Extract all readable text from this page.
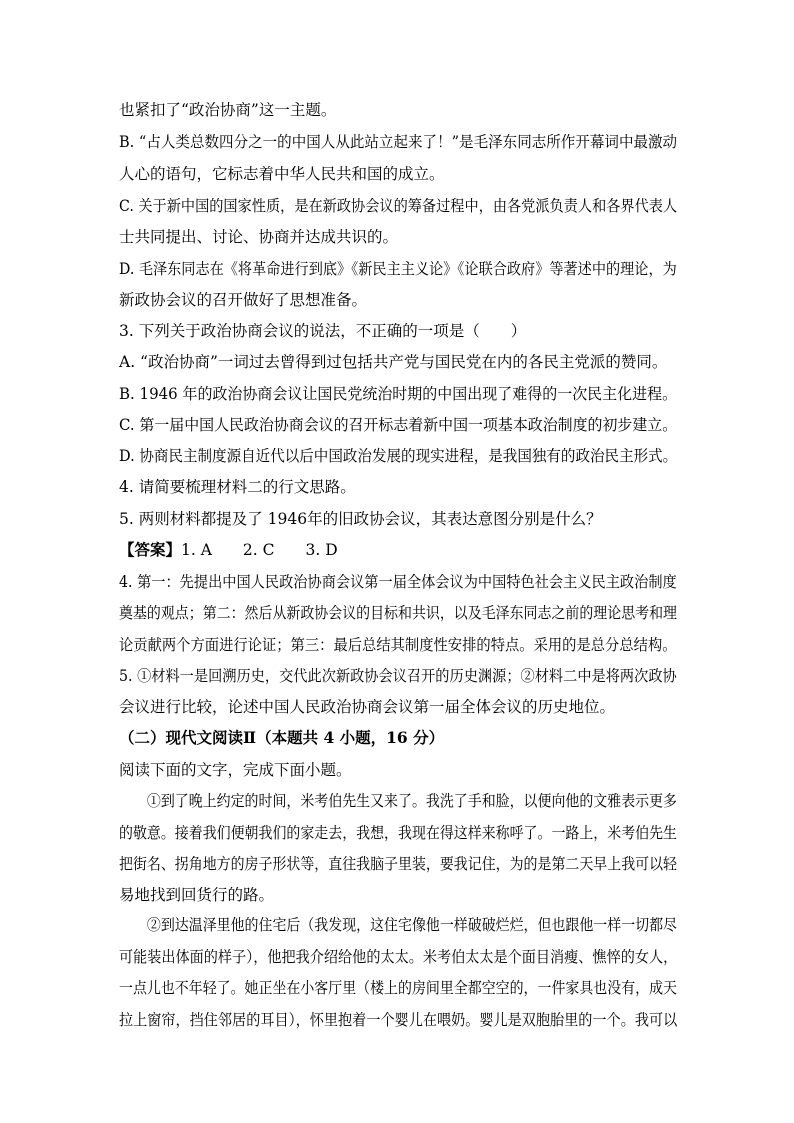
也紧扣了“政治协商”这一主题。
B. “占人类总数四分之一的中国人从此站立起来了！”是毛泽东同志所作开幕词中最激动
人心的语句，它标志着中华人民共和国的成立。
C. 关于新中国的国家性质，是在新政协会议的筹备过程中，由各党派负责人和各界代表人
士共同提出、讨论、协商并达成共识的。
D. 毛泽东同志在《将革命进行到底》《新民主主义论》《论联合政府》等著述中的理论，为
新政协会议的召开做好了思想准备。
3. 下列关于政治协商会议的说法，不正确的一项是（　　）
A. “政治协商”一词过去曾得到过包括共产党与国民党在内的各民主党派的赞同。
B. 1946 年的政治协商会议让国民党统治时期的中国出现了难得的一次民主化进程。
C. 第一届中国人民政治协商会议的召开标志着新中国一项基本政治制度的初步建立。
D. 协商民主制度源自近代以后中国政治发展的现实进程，是我国独有的政治民主形式。
4. 请简要梳理材料二的行文思路。
5. 两则材料都提及了 1946年的旧政协会议，其表达意图分别是什么？
【答案】1. A　　2. C　　3. D
4. 第一：先提出中国人民政治协商会议第一届全体会议为中国特色社会主义民主政治制度
奠基的观点；第二：然后从新政协会议的目标和共识，以及毛泽东同志之前的理论思考和理
论贡献两个方面进行论证；第三：最后总结其制度性安排的特点。采用的是总分总结构。
5. ①材料一是回溯历史，交代此次新政协会议召开的历史渊源；②材料二中是将两次政协
会议进行比较，论述中国人民政治协商会议第一届全体会议的历史地位。
（二）现代文阅读Ⅱ（本题共 4 小题，16 分）
阅读下面的文字，完成下面小题。
　　①到了晚上约定的时间，米考伯先生又来了。我洗了手和脸，以便向他的文雅表示更多
的敬意。接着我们便朝我们的家走去，我想，我现在得这样来称呼了。一路上，米考伯先生
把街名、拐角地方的房子形状等，直往我脑子里装，要我记住，为的是第二天早上我可以轻
易地找到回货行的路。
　　②到达温泽里他的住宅后（我发现，这住宅像他一样破破烂烂，但也跟他一样一切都尽
可能装出体面的样子），他把我介绍给他的太太。米考伯太太是个面目消瘦、憔悴的女人，
一点儿也不年轻了。她正坐在小客厅里（楼上的房间里全都空空的，一件家具也没有，成天
拉上窗帘，挡住邻居的耳目），怀里抱着一个婴儿在喂奶。婴儿是双胞胎里的一个。我可以
